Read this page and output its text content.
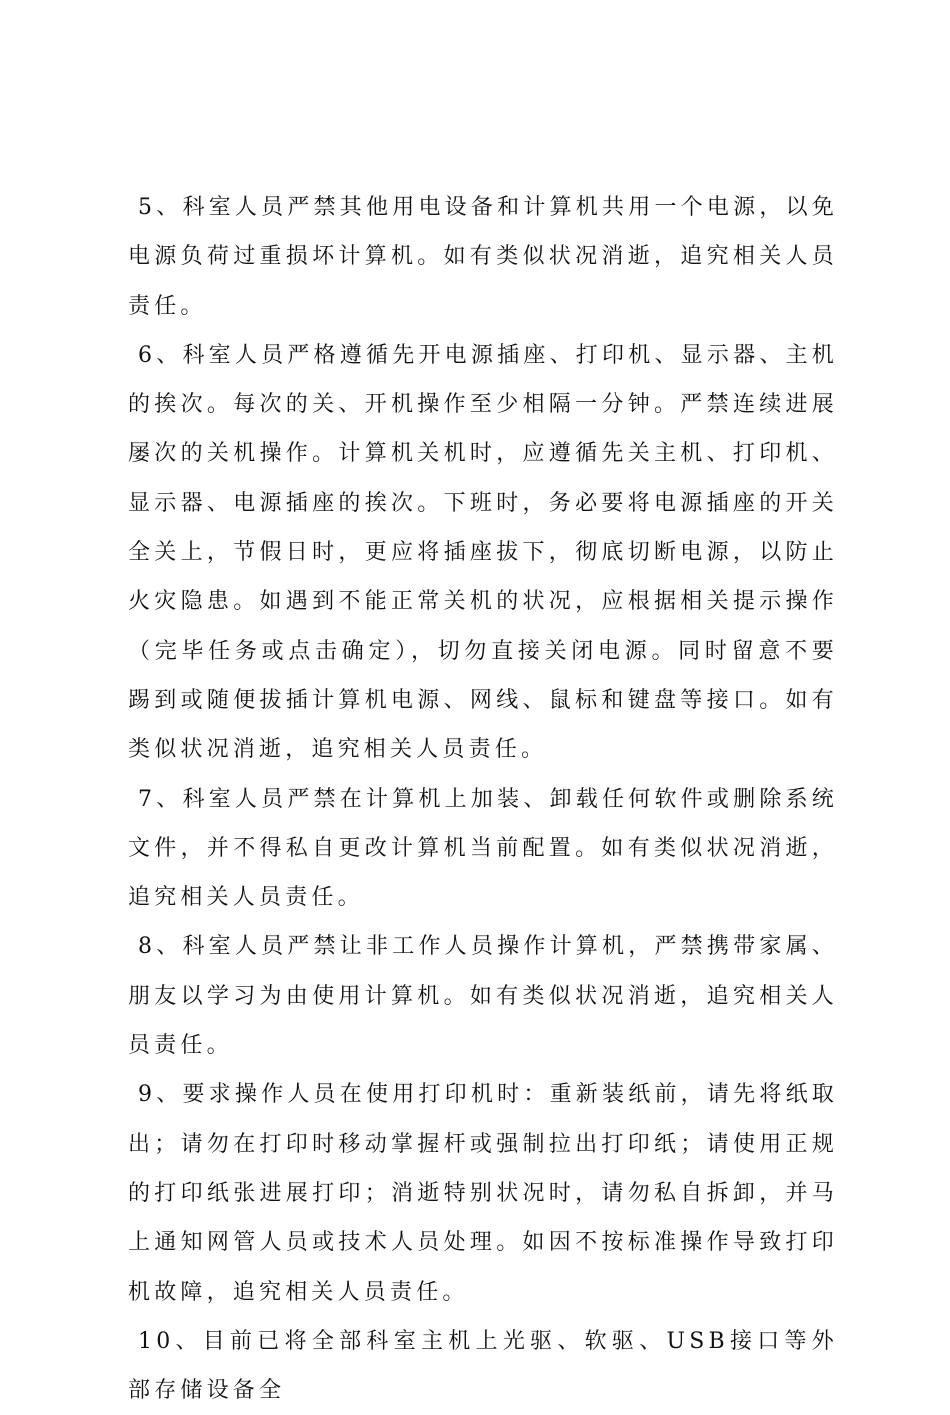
5、科室人员严禁其他用电设备和计算机共用一个电源，以免电源负荷过重损坏计算机。如有类似状况消逝，追究相关人员责任。

6、科室人员严格遵循先开电源插座、打印机、显示器、主机的挨次。每次的关、开机操作至少相隔一分钟。严禁连续进展屡次的关机操作。计算机关机时，应遵循先关主机、打印机、显示器、电源插座的挨次。下班时，务必要将电源插座的开关全关上，节假日时，更应将插座拔下，彻底切断电源，以防止火灾隐患。如遇到不能正常关机的状况，应根据相关提示操作（完毕任务或点击确定），切勿直接关闭电源。同时留意不要踢到或随便拔插计算机电源、网线、鼠标和键盘等接口。如有类似状况消逝，追究相关人员责任。

7、科室人员严禁在计算机上加装、卸载任何软件或删除系统文件，并不得私自更改计算机当前配置。如有类似状况消逝，追究相关人员责任。

8、科室人员严禁让非工作人员操作计算机，严禁携带家属、朋友以学习为由使用计算机。如有类似状况消逝，追究相关人员责任。

9、要求操作人员在使用打印机时：重新装纸前，请先将纸取出；请勿在打印时移动掌握杆或强制拉出打印纸；请使用正规的打印纸张进展打印；消逝特别状况时，请勿私自拆卸，并马上通知网管人员或技术人员处理。如因不按标准操作导致打印机故障，追究相关人员责任。

10、目前已将全部科室主机上光驱、软驱、USB接口等外部存储设备全
